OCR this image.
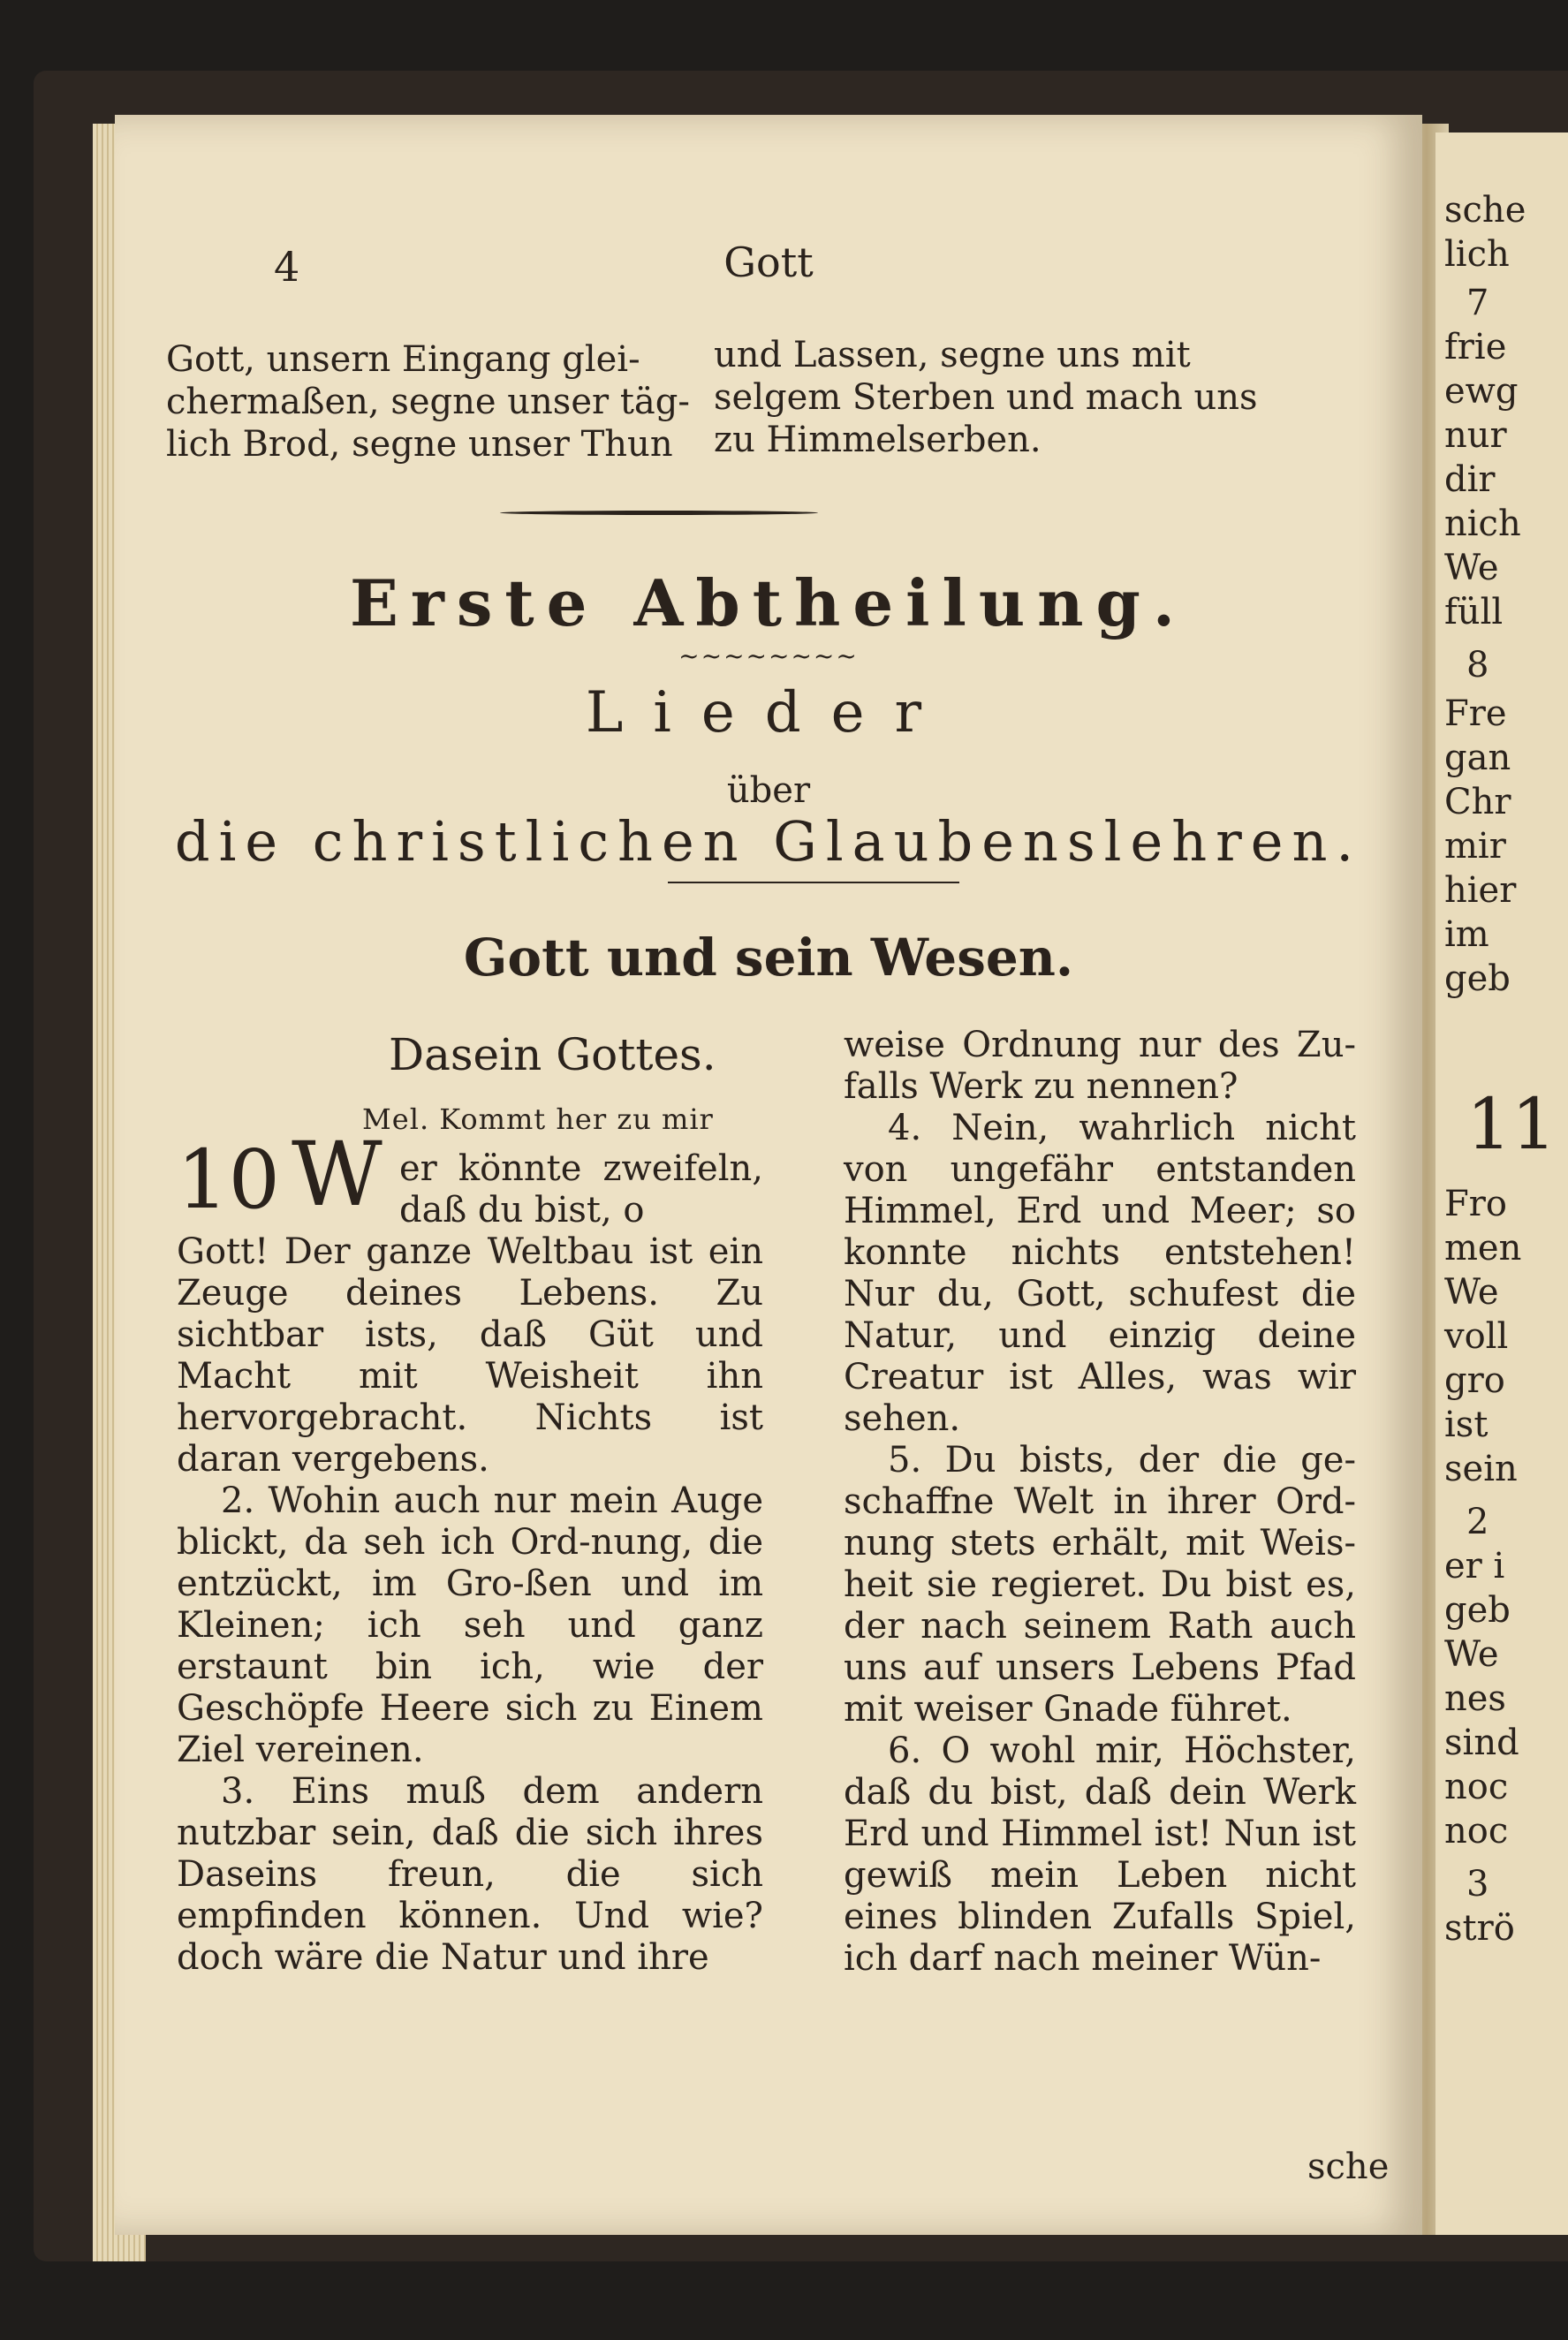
sche
lich
7
frie
ewg
nur
dir
nich
We
füll
8
Fre
gan
Chr
mir
hier
im
geb
11
Fro
men
We
voll
gro
ist
sein
2
er i
geb
We
nes
sind
noc
noc
3
strö
4	Gott
Gott, unsern Eingang glei-chermaßen, segne unser täg-lich Brod, segne unser Thun
und Lassen, segne uns mit selgem Sterben und mach uns zu Himmelserben.
Erste Abtheilung.
~~~~~~~~
Lieder
über
die christlichen Glaubenslehren.
Gott und sein Wesen.
Dasein Gottes.
Mel. Kommt her zu mir
10 W er könnte zweifeln, daß du bist, o
Gott! Der ganze Weltbau ist ein Zeuge deines Lebens. Zu sichtbar ists, daß Güt und Macht mit Weisheit ihn hervorgebracht. Nichts ist daran vergebens.
2. Wohin auch nur mein Auge blickt, da seh ich Ord-nung, die entzückt, im Gro-ßen und im Kleinen; ich seh und ganz erstaunt bin ich, wie der Geschöpfe Heere sich zu Einem Ziel vereinen.
3. Eins muß dem andern nutzbar sein, daß die sich ihres Daseins freun, die sich empfinden können. Und wie? doch wäre die Natur und ihre
weise Ordnung nur des Zu-falls Werk zu nennen?
4. Nein, wahrlich nicht von ungefähr entstanden Himmel, Erd und Meer; so konnte nichts entstehen! Nur du, Gott, schufest die Natur, und einzig deine Creatur ist Alles, was wir sehen.
5. Du bists, der die ge-schaffne Welt in ihrer Ord-nung stets erhält, mit Weis-heit sie regieret. Du bist es, der nach seinem Rath auch uns auf unsers Lebens Pfad mit weiser Gnade führet.
6. O wohl mir, Höchster, daß du bist, daß dein Werk Erd und Himmel ist! Nun ist gewiß mein Leben nicht eines blinden Zufalls Spiel, ich darf nach meiner Wün-
sche
